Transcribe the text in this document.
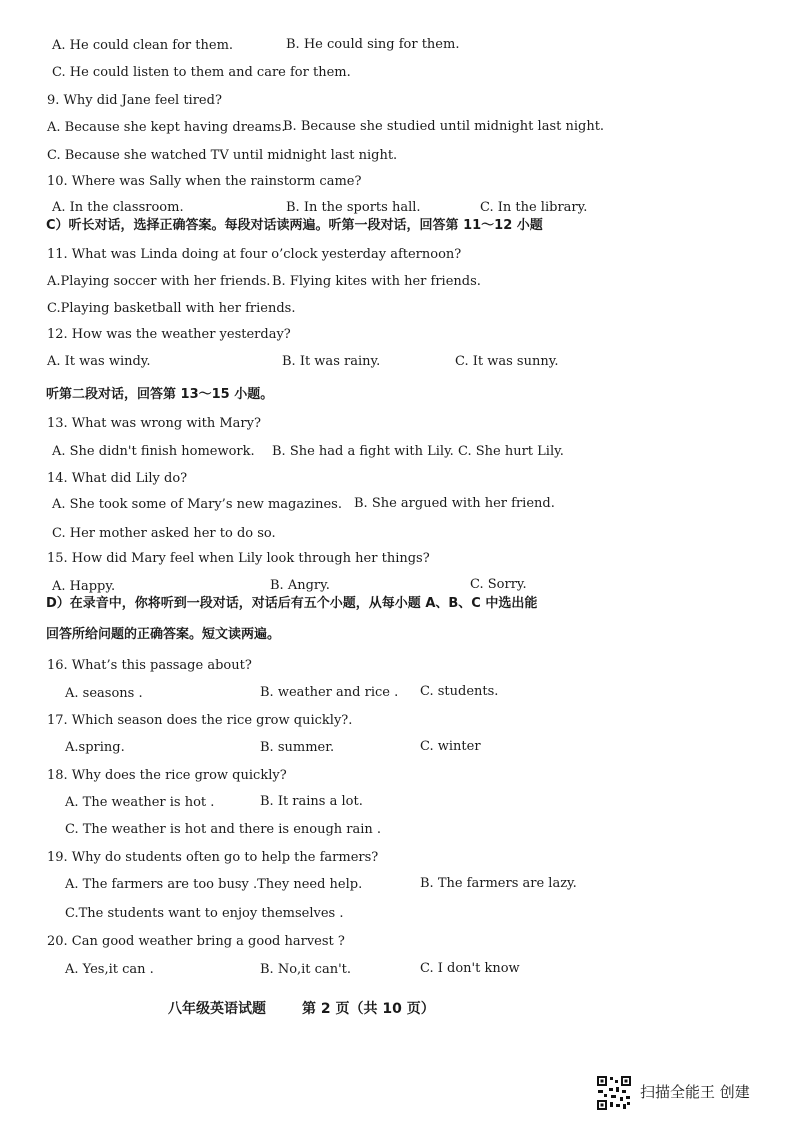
A. He could clean for them.	B. He could sing for them.
C. He could listen to them and care for them.
9. Why did Jane feel tired?
A. Because she kept having dreams.
B. Because she studied until midnight last night.
C. Because she watched TV until midnight last night.
10. Where was Sally when the rainstorm came?
A. In the classroom.	B. In the sports hall.	C. In the library.
C）听长对话，选择正确答案。每段对话读两遍。听第一段对话，回答第 11～12 小题
11. What was Linda doing at four o’clock yesterday afternoon?
A.Playing soccer with her friends. B. Flying kites with her friends.
C.Playing basketball with her friends.
12. How was the weather yesterday?
A. It was windy.	B. It was rainy.	C. It was sunny.
听第二段对话，回答第 13～15 小题。
13. What was wrong with Mary?
A. She didn't finish homework. B. She had a fight with Lily. C. She hurt Lily.
14. What did Lily do?
A. She took some of Mary’s new magazines. B. She argued with her friend.
C. Her mother asked her to do so.
15. How did Mary feel when Lily look through her things?
A. Happy.	B. Angry.	C. Sorry.
D）在录音中，你将听到一段对话，对话后有五个小题，从每小题 A、B、C 中选出能
回答所给问题的正确答案。短文读两遍。
16. What’s this passage about?
A. seasons .	B. weather and rice . C. students.
17. Which season does the rice grow quickly?.
A.spring.	B. summer.	C. winter
18. Why does the rice grow quickly?
A. The weather is hot .	B. It rains a lot.
C. The weather is hot and there is enough rain .
19. Why do students often go to help the farmers?
A. The farmers are too busy .They need help.	B. The farmers are lazy.
C.The students want to enjoy themselves .
20. Can good weather bring a good harvest ?
A. Yes,it can .	B. No,it can't.	C. I don't know
八年级英语试题	第 2 页（共 10 页）
扫描全能王 创建
